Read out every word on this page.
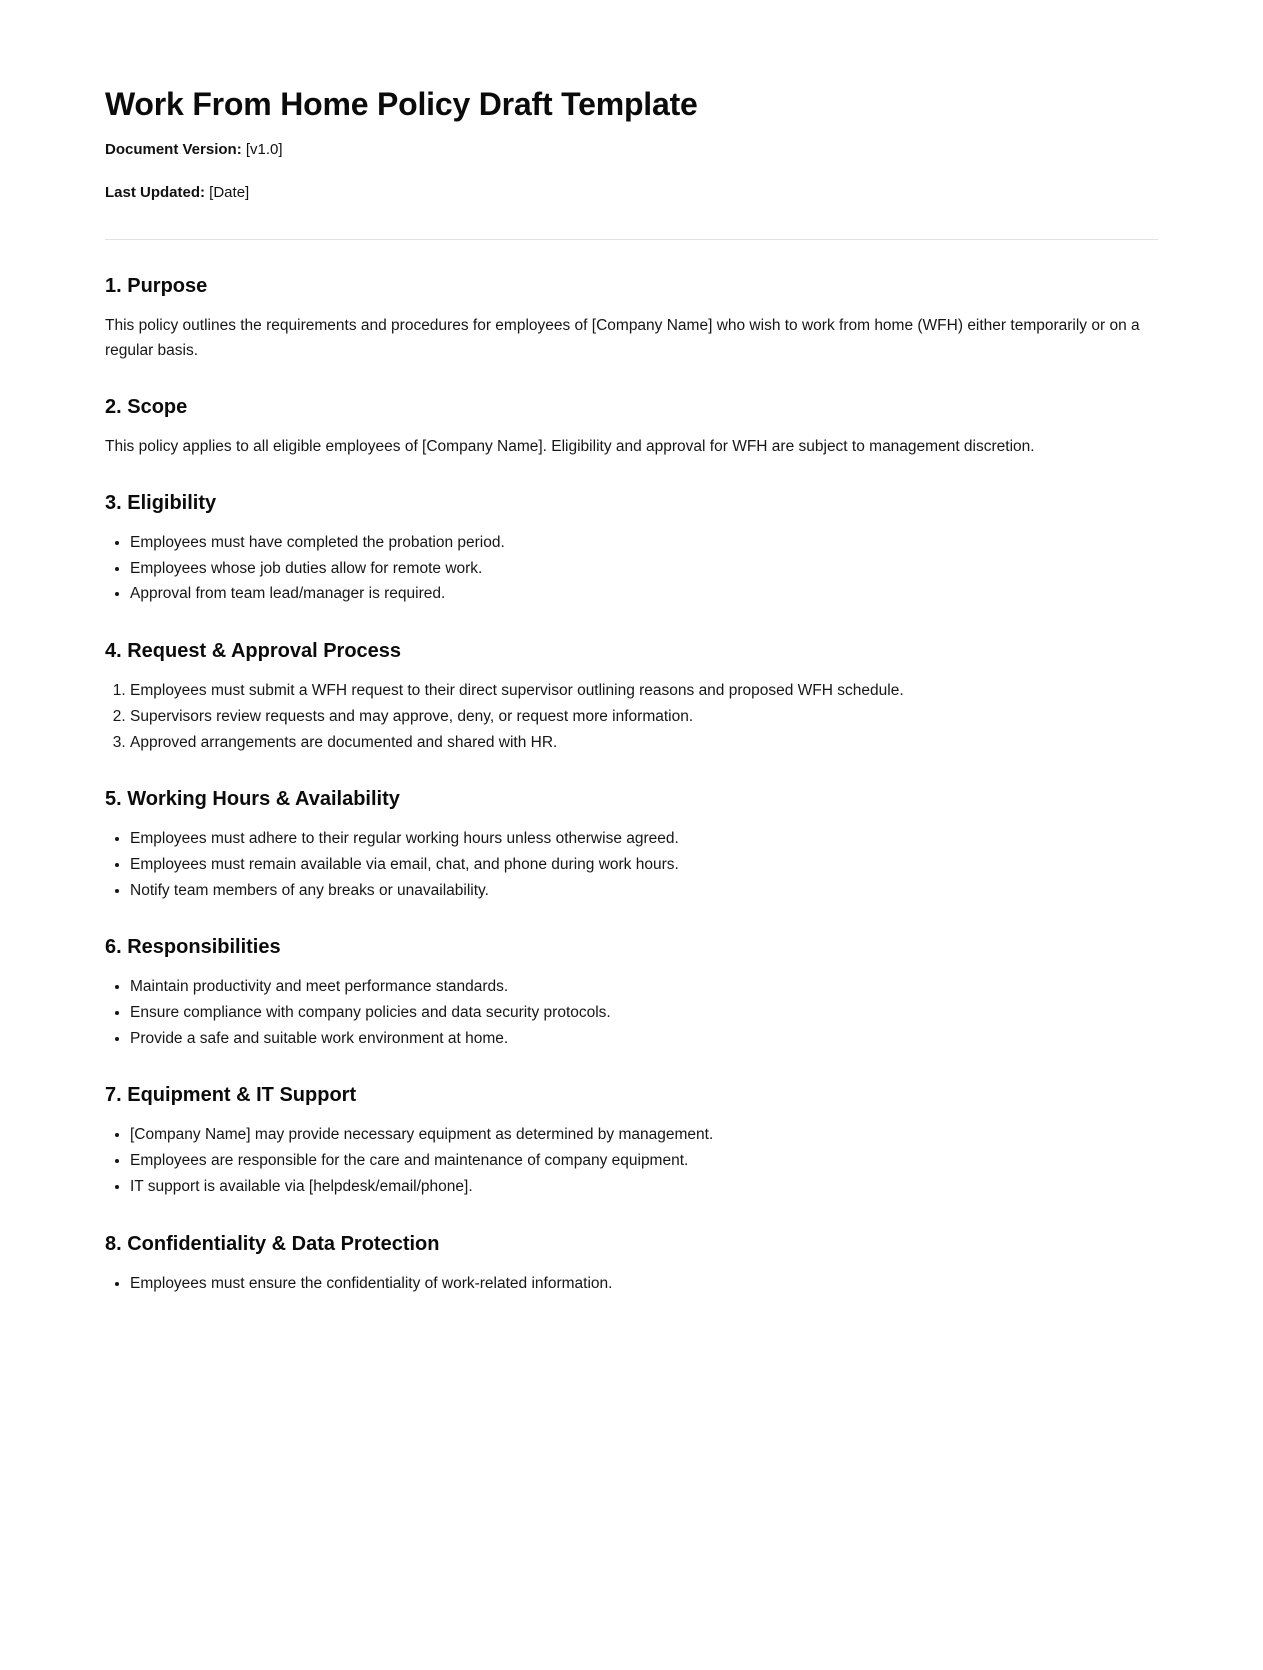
Work From Home Policy Draft Template

Document Version: [v1.0]

Last Updated: [Date]

1. Purpose

This policy outlines the requirements and procedures for employees of [Company Name] who wish to work from home (WFH) either temporarily or on a regular basis.

2. Scope

This policy applies to all eligible employees of [Company Name]. Eligibility and approval for WFH are subject to management discretion.

3. Eligibility
• Employees must have completed the probation period.
• Employees whose job duties allow for remote work.
• Approval from team lead/manager is required.
4. Request & Approval Process
1. Employees must submit a WFH request to their direct supervisor outlining reasons and proposed WFH schedule.
2. Supervisors review requests and may approve, deny, or request more information.
3. Approved arrangements are documented and shared with HR.
5. Working Hours & Availability
• Employees must adhere to their regular working hours unless otherwise agreed.
• Employees must remain available via email, chat, and phone during work hours.
• Notify team members of any breaks or unavailability.
6. Responsibilities
• Maintain productivity and meet performance standards.
• Ensure compliance with company policies and data security protocols.
• Provide a safe and suitable work environment at home.
7. Equipment & IT Support
• [Company Name] may provide necessary equipment as determined by management.
• Employees are responsible for the care and maintenance of company equipment.
• IT support is available via [helpdesk/email/phone].
8. Confidentiality & Data Protection
• Employees must ensure the confidentiality of work-related information.
